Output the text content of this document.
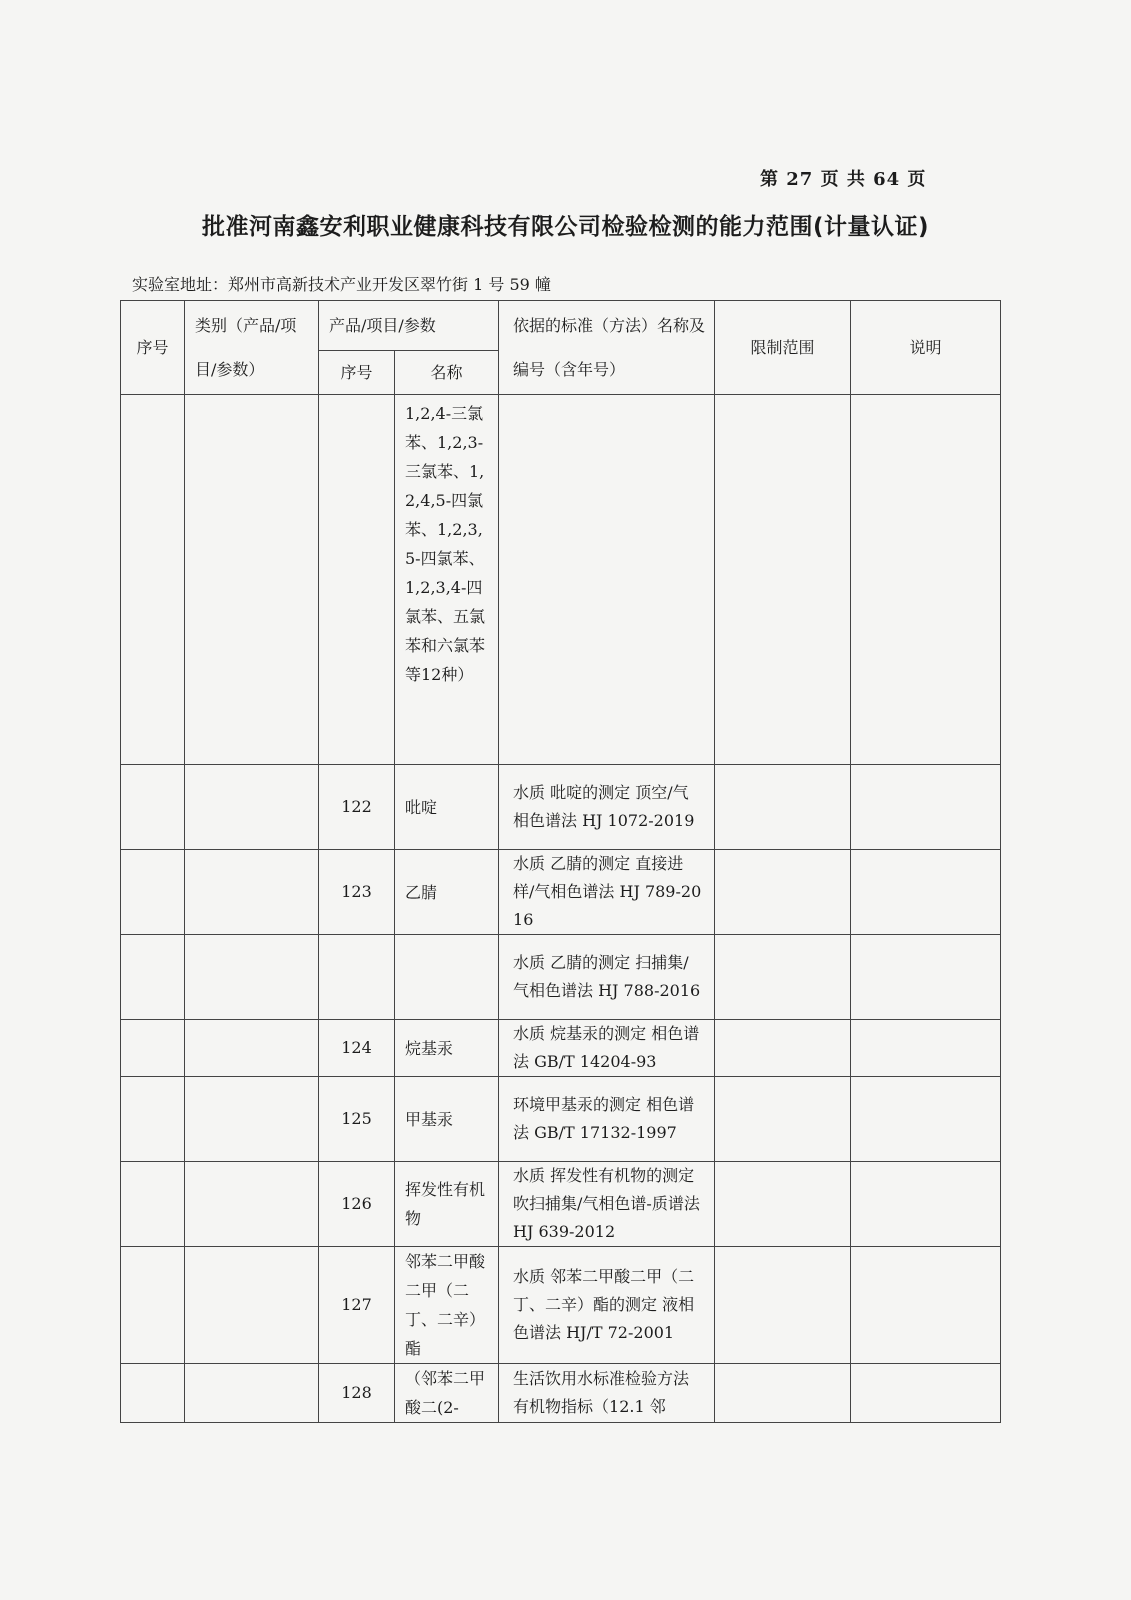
第 27 页 共 64 页
批准河南鑫安利职业健康科技有限公司检验检测的能力范围(计量认证)
实验室地址：郑州市高新技术产业开发区翠竹街 1 号 59 幢
序号	类别（产品/项目/参数）	产品/项目/参数		依据的标准（方法）名称及编号（含年号）	限制范围	说明
		序号	名称			
			1,2,4-三氯苯、1,2,3-三氯苯、1,2,4,5-四氯苯、1,2,3,5-四氯苯、1,2,3,4-四氯苯、五氯苯和六氯苯等12种）			
		122	吡啶	水质 吡啶的测定 顶空/气相色谱法 HJ 1072-2019		
		123	乙腈	水质 乙腈的测定 直接进样/气相色谱法 HJ 789-2016		
				水质 乙腈的测定 扫捕集/气相色谱法 HJ 788-2016		
		124	烷基汞	水质 烷基汞的测定 相色谱法 GB/T 14204-93		
		125	甲基汞	环境甲基汞的测定 相色谱法 GB/T 17132-1997		
		126	挥发性有机物	水质 挥发性有机物的测定 吹扫捕集/气相色谱-质谱法 HJ 639-2012		
		127	邻苯二甲酸二甲（二丁、二辛）酯	水质 邻苯二甲酸二甲（二丁、二辛）酯的测定 液相色谱法 HJ/T 72-2001		
		128	（邻苯二甲酸二(2-	生活饮用水标准检验方法有机物指标（12.1 邻		
